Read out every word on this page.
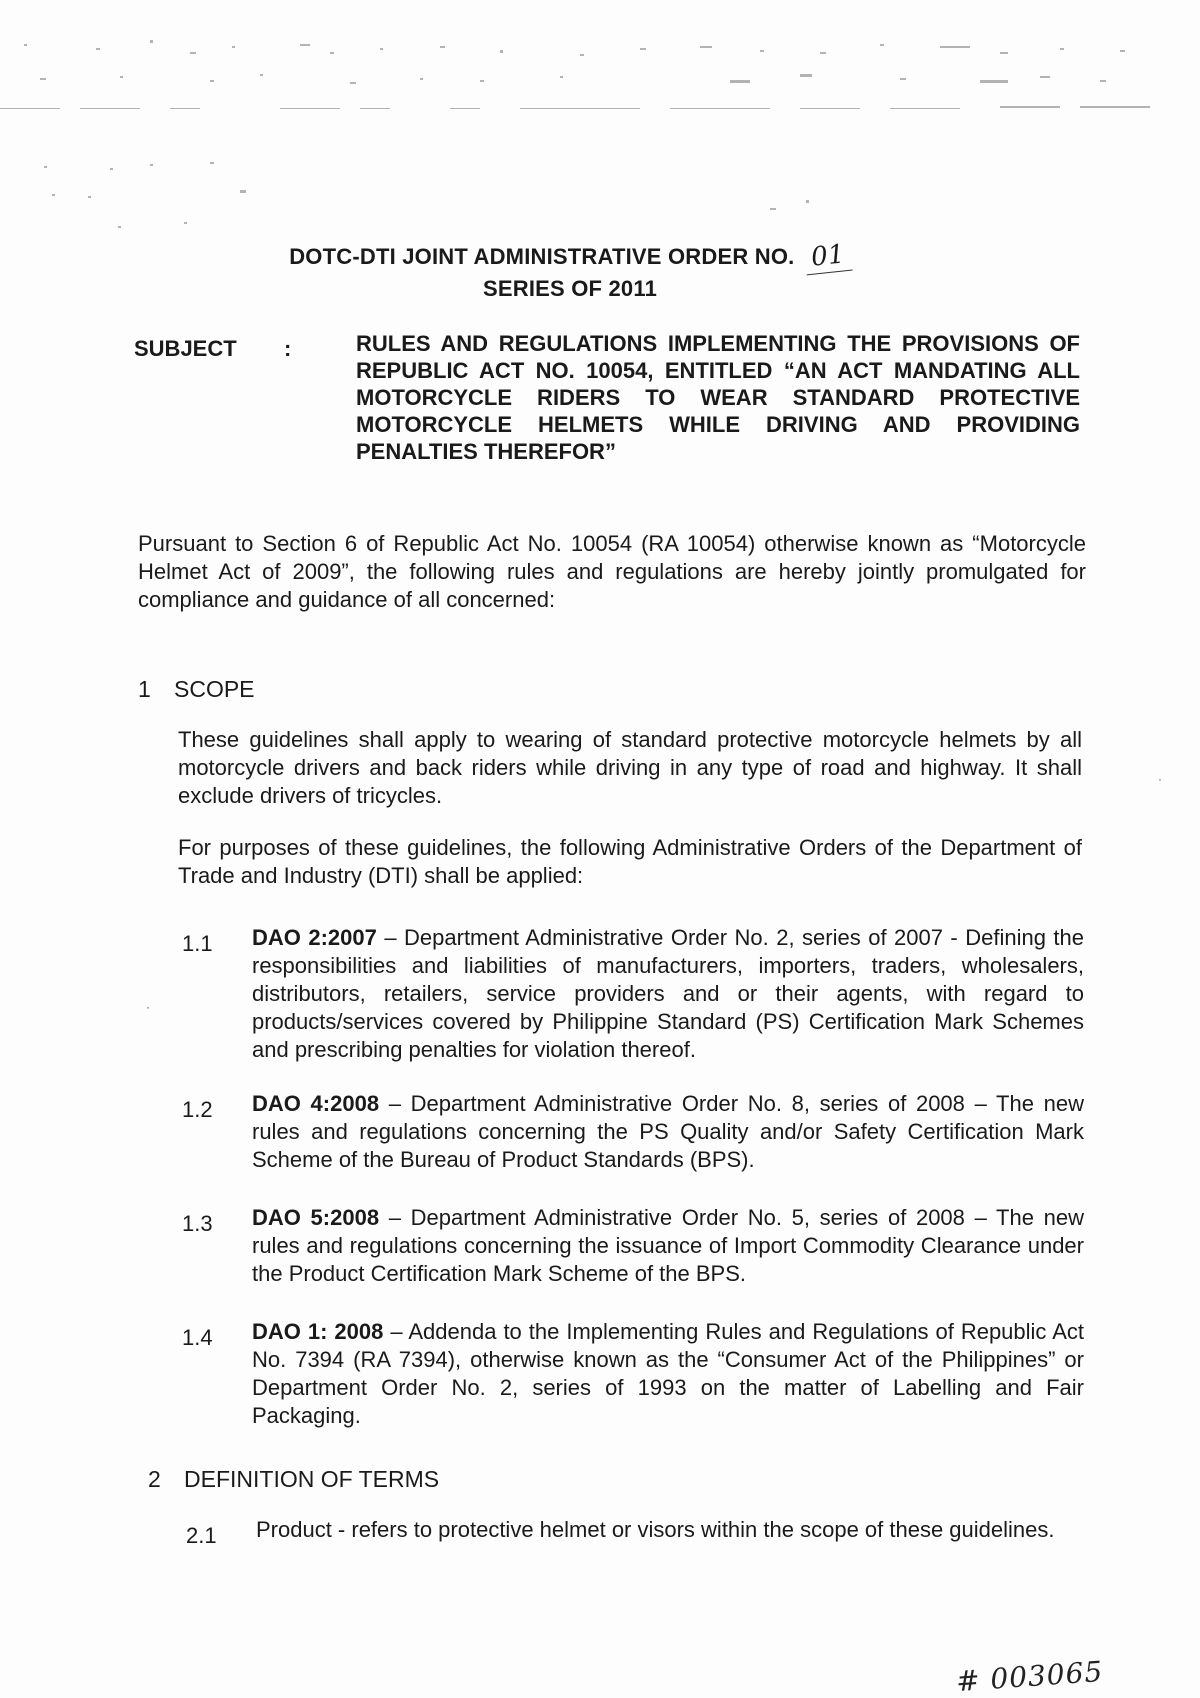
DOTC-DTI JOINT ADMINISTRATIVE ORDER NO. 01
SERIES OF 2011
SUBJECT :	RULES AND REGULATIONS IMPLEMENTING THE PROVISIONS OF REPUBLIC ACT NO. 10054, ENTITLED “AN ACT MANDATING ALL MOTORCYCLE RIDERS TO WEAR STANDARD PROTECTIVE MOTORCYCLE HELMETS WHILE DRIVING AND PROVIDING PENALTIES THEREFOR”
Pursuant to Section 6 of Republic Act No. 10054 (RA 10054) otherwise known as “Motorcycle Helmet Act of 2009”, the following rules and regulations are hereby jointly promulgated for compliance and guidance of all concerned:
1 SCOPE
These guidelines shall apply to wearing of standard protective motorcycle helmets by all motorcycle drivers and back riders while driving in any type of road and highway. It shall exclude drivers of tricycles.
For purposes of these guidelines, the following Administrative Orders of the Department of Trade and Industry (DTI) shall be applied:
1.1 DAO 2:2007 – Department Administrative Order No. 2, series of 2007 - Defining the responsibilities and liabilities of manufacturers, importers, traders, wholesalers, distributors, retailers, service providers and or their agents, with regard to products/services covered by Philippine Standard (PS) Certification Mark Schemes and prescribing penalties for violation thereof.
1.2 DAO 4:2008 – Department Administrative Order No. 8, series of 2008 – The new rules and regulations concerning the PS Quality and/or Safety Certification Mark Scheme of the Bureau of Product Standards (BPS).
1.3 DAO 5:2008 – Department Administrative Order No. 5, series of 2008 – The new rules and regulations concerning the issuance of Import Commodity Clearance under the Product Certification Mark Scheme of the BPS.
1.4 DAO 1: 2008 – Addenda to the Implementing Rules and Regulations of Republic Act No. 7394 (RA 7394), otherwise known as the “Consumer Act of the Philippines” or Department Order No. 2, series of 1993 on the matter of Labelling and Fair Packaging.
2 DEFINITION OF TERMS
2.1 Product - refers to protective helmet or visors within the scope of these guidelines.
·
·
# 003065
